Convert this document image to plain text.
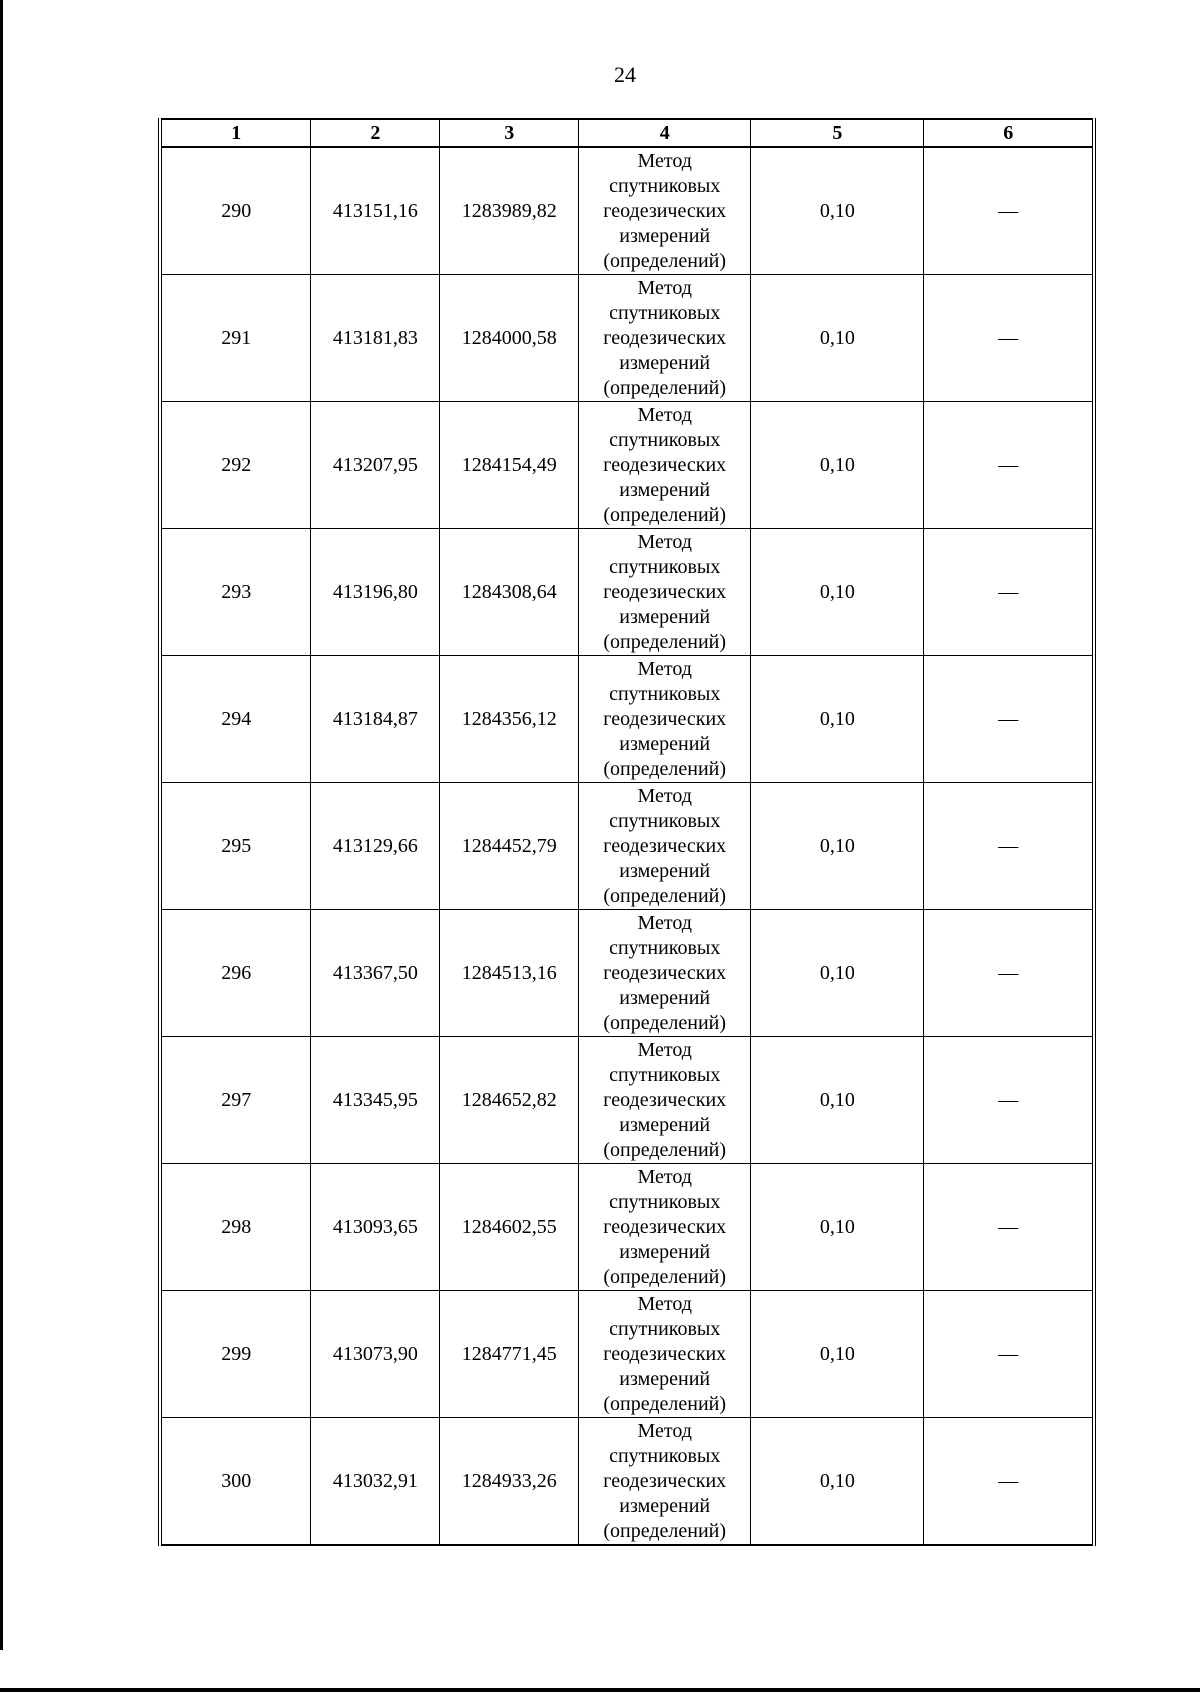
24
1	2	3	4	5	6
290	413151,16	1283989,82	Метод
спутниковых
геодезических
измерений
(определений)	0,10	—
291	413181,83	1284000,58	Метод
спутниковых
геодезических
измерений
(определений)	0,10	—
292	413207,95	1284154,49	Метод
спутниковых
геодезических
измерений
(определений)	0,10	—
293	413196,80	1284308,64	Метод
спутниковых
геодезических
измерений
(определений)	0,10	—
294	413184,87	1284356,12	Метод
спутниковых
геодезических
измерений
(определений)	0,10	—
295	413129,66	1284452,79	Метод
спутниковых
геодезических
измерений
(определений)	0,10	—
296	413367,50	1284513,16	Метод
спутниковых
геодезических
измерений
(определений)	0,10	—
297	413345,95	1284652,82	Метод
спутниковых
геодезических
измерений
(определений)	0,10	—
298	413093,65	1284602,55	Метод
спутниковых
геодезических
измерений
(определений)	0,10	—
299	413073,90	1284771,45	Метод
спутниковых
геодезических
измерений
(определений)	0,10	—
300	413032,91	1284933,26	Метод
спутниковых
геодезических
измерений
(определений)	0,10	—
